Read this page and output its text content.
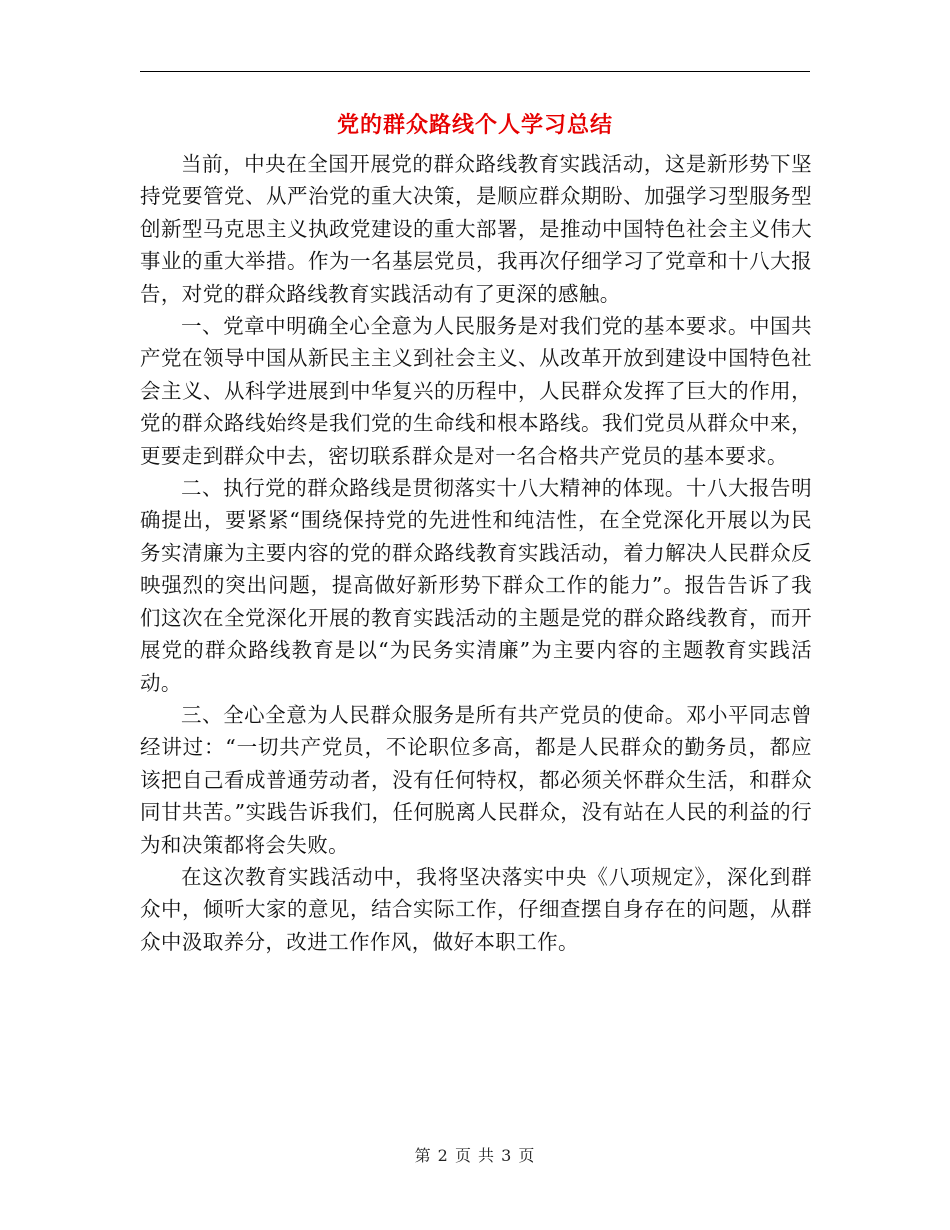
党的群众路线个人学习总结

当前，中央在全国开展党的群众路线教育实践活动，这是新形势下坚持党要管党、从严治党的重大决策，是顺应群众期盼、加强学习型服务型创新型马克思主义执政党建设的重大部署，是推动中国特色社会主义伟大事业的重大举措。作为一名基层党员，我再次仔细学习了党章和十八大报告，对党的群众路线教育实践活动有了更深的感触。

一、党章中明确全心全意为人民服务是对我们党的基本要求。中国共产党在领导中国从新民主主义到社会主义、从改革开放到建设中国特色社会主义、从科学进展到中华复兴的历程中，人民群众发挥了巨大的作用，党的群众路线始终是我们党的生命线和根本路线。我们党员从群众中来，更要走到群众中去，密切联系群众是对一名合格共产党员的基本要求。

二、执行党的群众路线是贯彻落实十八大精神的体现。十八大报告明确提出，要紧紧“围绕保持党的先进性和纯洁性，在全党深化开展以为民务实清廉为主要内容的党的群众路线教育实践活动，着力解决人民群众反映强烈的突出问题，提高做好新形势下群众工作的能力”。报告告诉了我们这次在全党深化开展的教育实践活动的主题是党的群众路线教育，而开展党的群众路线教育是以“为民务实清廉”为主要内容的主题教育实践活动。

三、全心全意为人民群众服务是所有共产党员的使命。邓小平同志曾经讲过：“一切共产党员，不论职位多高，都是人民群众的勤务员，都应该把自己看成普通劳动者，没有任何特权，都必须关怀群众生活，和群众同甘共苦。”实践告诉我们，任何脱离人民群众，没有站在人民的利益的行为和决策都将会失败。

在这次教育实践活动中，我将坚决落实中央《八项规定》，深化到群众中，倾听大家的意见，结合实际工作，仔细查摆自身存在的问题，从群众中汲取养分，改进工作作风，做好本职工作。

第 2 页 共 3 页
